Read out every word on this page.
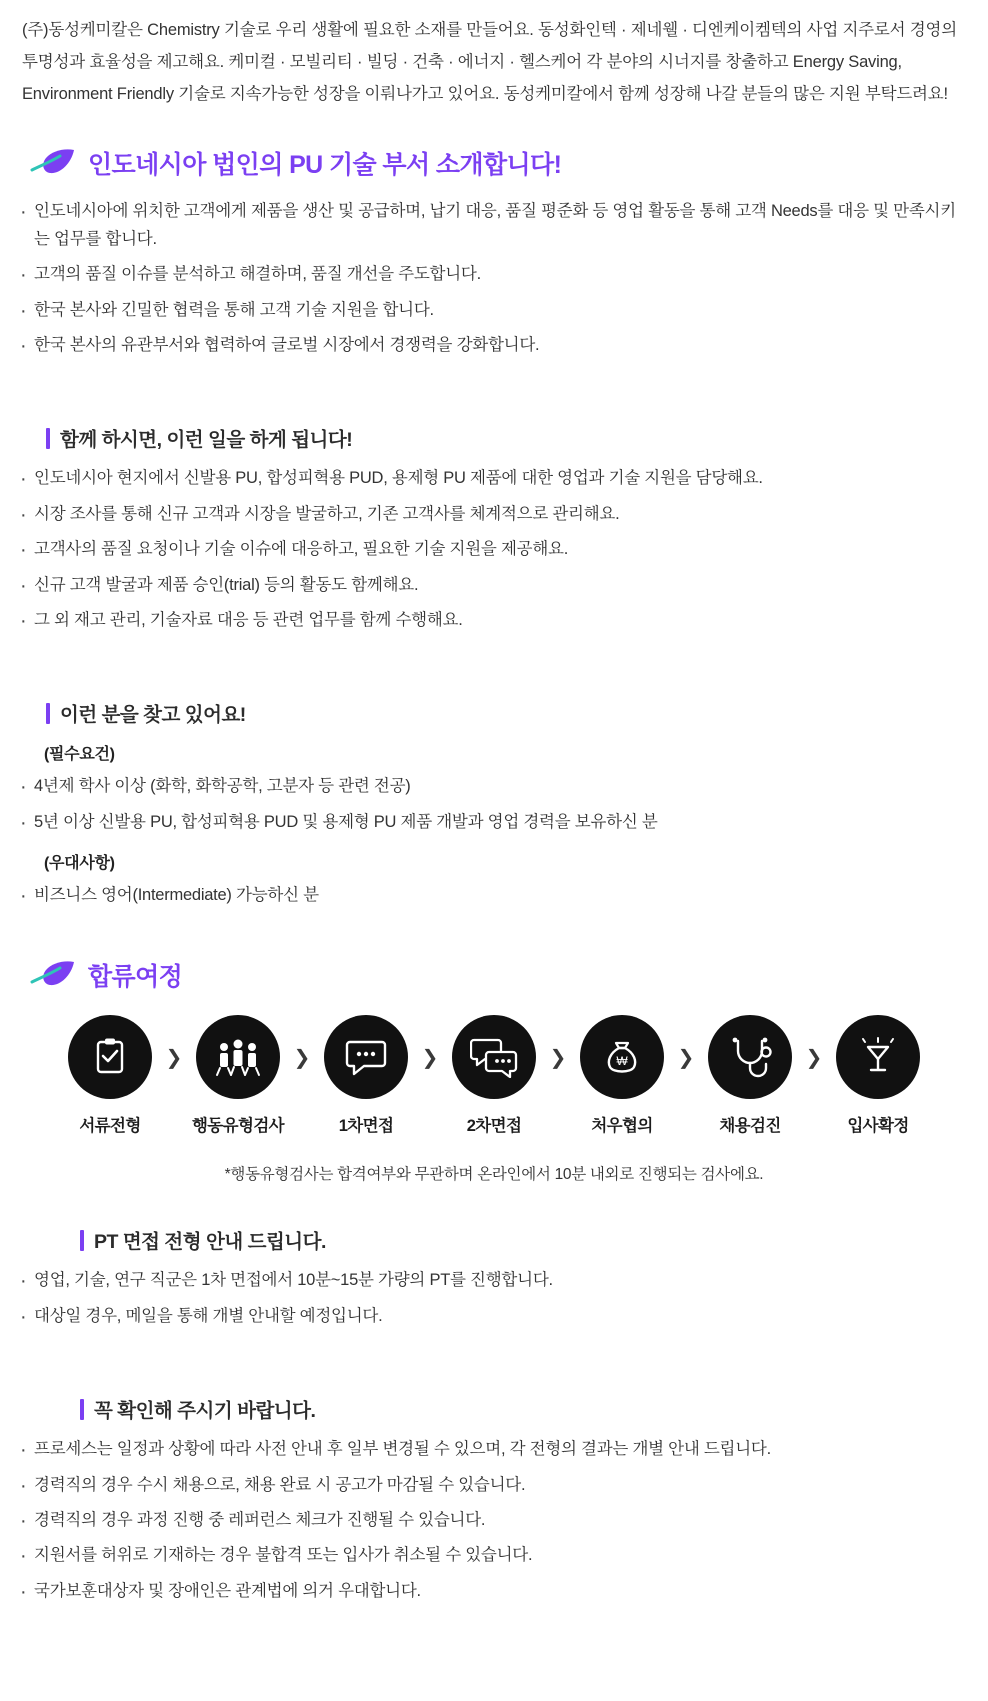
(주)동성케미칼은 Chemistry 기술로 우리 생활에 필요한 소재를 만들어요. 동성화인텍 · 제네웰 · 디엔케이켐텍의 사업 지주로서 경영의 투명성과 효율성을 제고해요. 케미컬 · 모빌리티 · 빌딩 · 건축 · 에너지 · 헬스케어 각 분야의 시너지를 창출하고 Energy Saving, Environment Friendly 기술로 지속가능한 성장을 이뤄나가고 있어요. 동성케미칼에서 함께 성장해 나갈 분들의 많은 지원 부탁드려요!

인도네시아 법인의 PU 기술 부서 소개합니다!
· 인도네시아에 위치한 고객에게 제품을 생산 및 공급하며, 납기 대응, 품질 평준화 등 영업 활동을 통해 고객 Needs를 대응 및 만족시키는 업무를 합니다.
· 고객의 품질 이슈를 분석하고 해결하며, 품질 개선을 주도합니다.
· 한국 본사와 긴밀한 협력을 통해 고객 기술 지원을 합니다.
· 한국 본사의 유관부서와 협력하여 글로벌 시장에서 경쟁력을 강화합니다.
함께 하시면, 이런 일을 하게 됩니다!
· 인도네시아 현지에서 신발용 PU, 합성피혁용 PUD, 용제형 PU 제품에 대한 영업과 기술 지원을 담당해요.
· 시장 조사를 통해 신규 고객과 시장을 발굴하고, 기존 고객사를 체계적으로 관리해요.
· 고객사의 품질 요청이나 기술 이슈에 대응하고, 필요한 기술 지원을 제공해요.
· 신규 고객 발굴과 제품 승인(trial) 등의 활동도 함께해요.
· 그 외 재고 관리, 기술자료 대응 등 관련 업무를 함께 수행해요.
이런 분을 찾고 있어요!
(필수요건)
· 4년제 학사 이상 (화학, 화학공학, 고분자 등 관련 전공)
· 5년 이상 신발용 PU, 합성피혁용 PUD 및 용제형 PU 제품 개발과 영업 경력을 보유하신 분
(우대사항)
· 비즈니스 영어(Intermediate) 가능하신 분
합류여정
서류전형
❯
행동유형검사
❯
1차면접
❯
2차면접
❯	₩
처우협의
❯
채용검진
❯
입사확정
*행동유형검사는 합격여부와 무관하며 온라인에서 10분 내외로 진행되는 검사에요.
PT 면접 전형 안내 드립니다.
· 영업, 기술, 연구 직군은 1차 면접에서 10분~15분 가량의 PT를 진행합니다.
· 대상일 경우, 메일을 통해 개별 안내할 예정입니다.
꼭 확인해 주시기 바랍니다.
· 프로세스는 일정과 상황에 따라 사전 안내 후 일부 변경될 수 있으며, 각 전형의 결과는 개별 안내 드립니다.
· 경력직의 경우 수시 채용으로, 채용 완료 시 공고가 마감될 수 있습니다.
· 경력직의 경우 과정 진행 중 레퍼런스 체크가 진행될 수 있습니다.
· 지원서를 허위로 기재하는 경우 불합격 또는 입사가 취소될 수 있습니다.
· 국가보훈대상자 및 장애인은 관계법에 의거 우대합니다.
